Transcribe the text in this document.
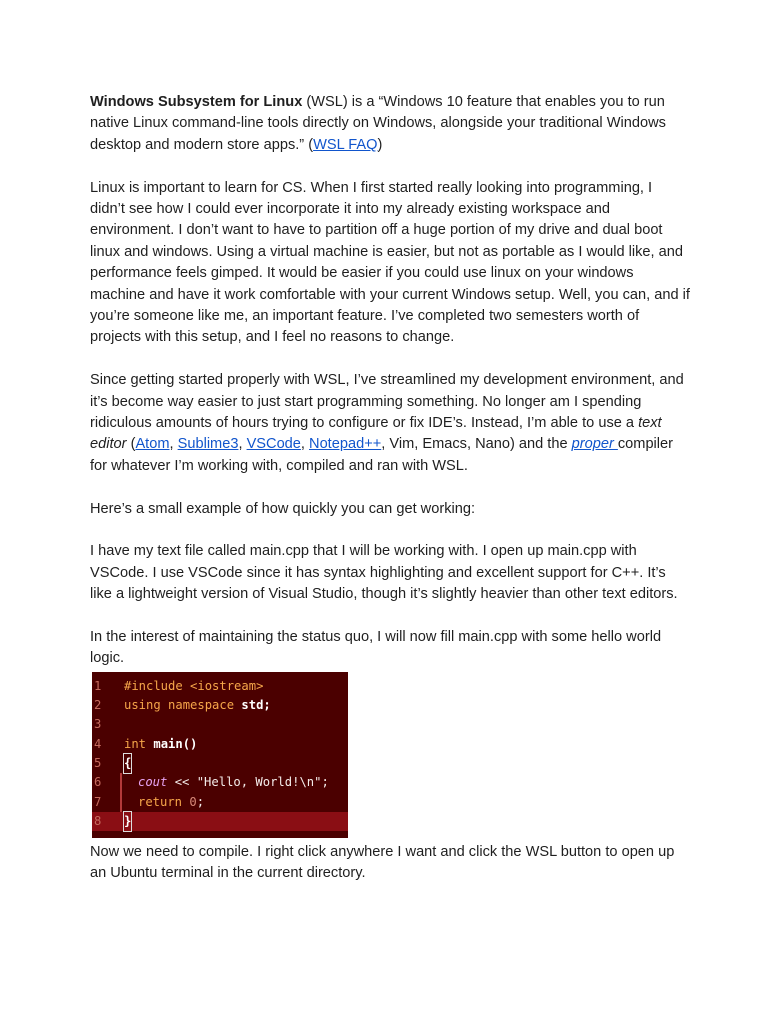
Windows Subsystem for Linux (WSL) is a “Windows 10 feature that enables you to run native Linux command-line tools directly on Windows, alongside your traditional Windows desktop and modern store apps.” (WSL FAQ)

Linux is important to learn for CS. When I first started really looking into programming, I didn’t see how I could ever incorporate it into my already existing workspace and environment. I don’t want to have to partition off a huge portion of my drive and dual boot linux and windows. Using a virtual machine is easier, but not as portable as I would like, and performance feels gimped. It would be easier if you could use linux on your windows machine and have it work comfortable with your current Windows setup. Well, you can, and if you’re someone like me, an important feature. I’ve completed two semesters worth of projects with this setup, and I feel no reasons to change.

Since getting started properly with WSL, I’ve streamlined my development environment, and it’s become way easier to just start programming something. No longer am I spending ridiculous amounts of hours trying to configure or fix IDE’s. Instead, I’m able to use a text editor (Atom, Sublime3, VSCode, Notepad++, Vim, Emacs, Nano) and the proper compiler for whatever I’m working with, compiled and ran with WSL.

Here’s a small example of how quickly you can get working:

I have my text file called main.cpp that I will be working with. I open up main.cpp with VSCode. I use VSCode since it has syntax highlighting and excellent support for C++. It’s like a lightweight version of Visual Studio, though it’s slightly heavier than other text editors.

In the interest of maintaining the status quo, I will now fill main.cpp with some hello world logic.

1	#include <iostream>
2	using namespace std;
3
4	int main()
5	{
6	cout << "Hello, World!\n";
7	return 0;
8	}

Now we need to compile. I right click anywhere I want and click the WSL button to open up an Ubuntu terminal in the current directory.
